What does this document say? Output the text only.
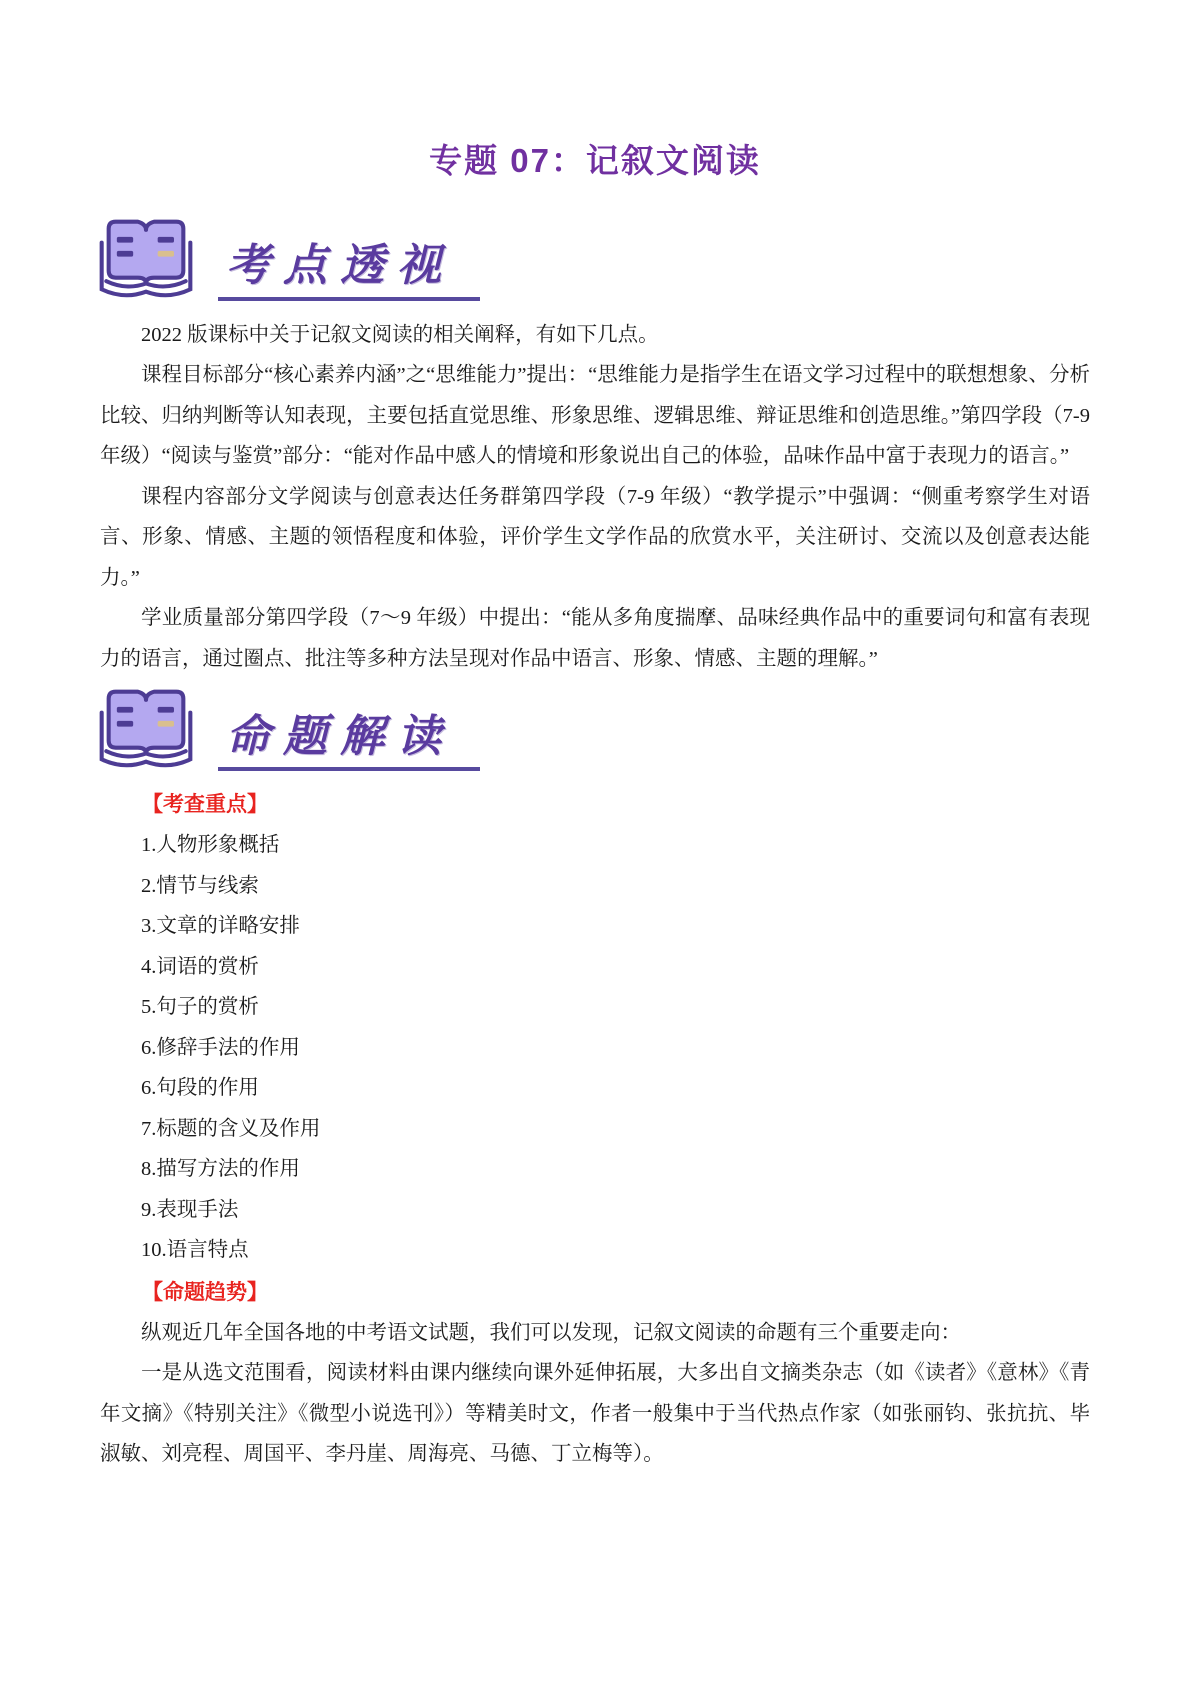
专题 07：记叙文阅读
考点透视

2022 版课标中关于记叙文阅读的相关阐释，有如下几点。

课程目标部分“核心素养内涵”之“思维能力”提出：“思维能力是指学生在语文学习过程中的联想想象、分析比较、归纳判断等认知表现，主要包括直觉思维、形象思维、逻辑思维、辩证思维和创造思维。”第四学段（7-9 年级）“阅读与鉴赏”部分：“能对作品中感人的情境和形象说出自己的体验，品味作品中富于表现力的语言。”

课程内容部分文学阅读与创意表达任务群第四学段（7-9 年级）“教学提示”中强调：“侧重考察学生对语言、形象、情感、主题的领悟程度和体验，评价学生文学作品的欣赏水平，关注研讨、交流以及创意表达能力。”

学业质量部分第四学段（7～9 年级）中提出：“能从多角度揣摩、品味经典作品中的重要词句和富有表现力的语言，通过圈点、批注等多种方法呈现对作品中语言、形象、情感、主题的理解。”

命题解读
【考查重点】
1.人物形象概括
2.情节与线索
3.文章的详略安排
4.词语的赏析
5.句子的赏析
6.修辞手法的作用
6.句段的作用
7.标题的含义及作用
8.描写方法的作用
9.表现手法
10.语言特点
【命题趋势】

纵观近几年全国各地的中考语文试题，我们可以发现，记叙文阅读的命题有三个重要走向：

一是从选文范围看，阅读材料由课内继续向课外延伸拓展，大多出自文摘类杂志（如《读者》《意林》《青年文摘》《特别关注》《微型小说选刊》）等精美时文，作者一般集中于当代热点作家（如张丽钧、张抗抗、毕淑敏、刘亮程、周国平、李丹崖、周海亮、马德、丁立梅等）。
